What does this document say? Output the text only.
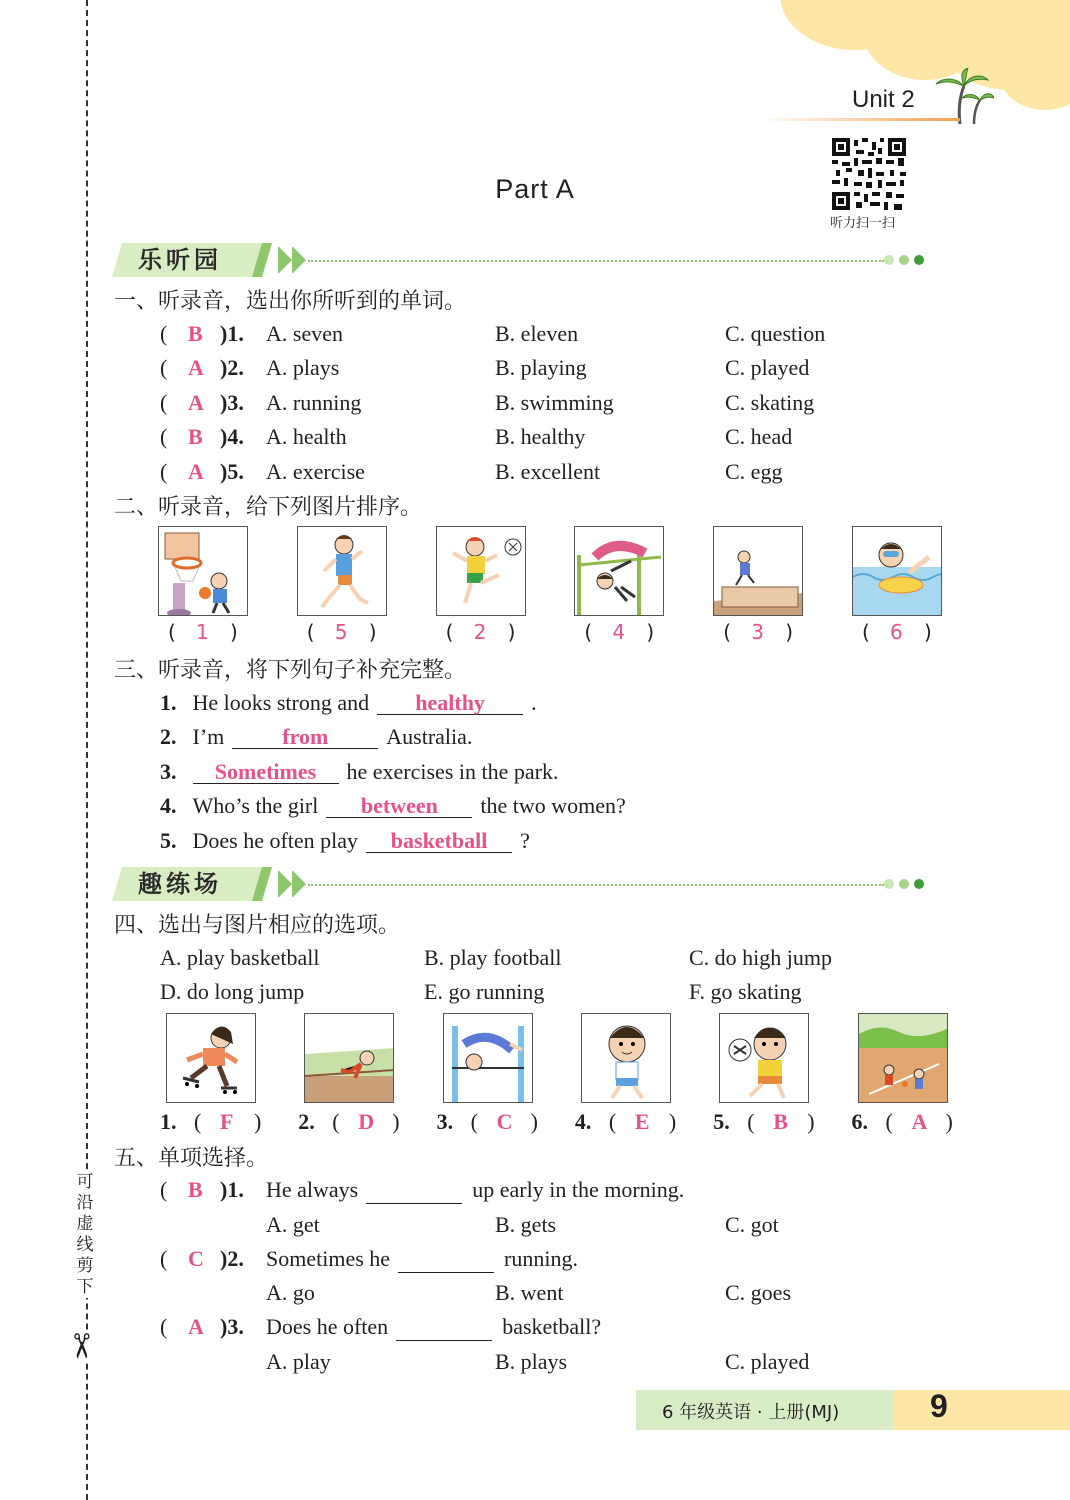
可沿虚线剪下
✂
Unit 2
听力扫一扫
Part A
乐听园
一、听录音，选出你所听到的单词。
( B )1. A. seven	B. eleven	C. question
( A )2. A. plays	B. playing	C. played
( A )3. A. running	B. swimming	C. skating
( B )4. A. health	B. healthy	C. head
( A )5. A. exercise	B. excellent	C. egg
二、听录音，给下列图片排序。
( 1 )	( 5 )	( 2 )	( 4 )	( 3 )	( 6 )
三、听录音，将下列句子补充完整。
1. He looks strong and healthy .
2. I’m	from	Australia.
3. Sometimes he exercises in the park.
4. Who’s the girl between the two women?
5. Does he often play basketball ?
趣练场
四、选出与图片相应的选项。
A. play basketball	B. play football	C. do high jump
D. do long jump	E. go running	F. go skating
1. ( F ) 2. ( D ) 3. ( C ) 4. ( E ) 5. ( B ) 6. ( A )
五、单项选择。
( B )1. He always	up early in the morning.
A. get	B. gets	C. got
( C )2. Sometimes he	running.
A. go	B. went	C. goes
( A )3. Does he often	basketball?
A. play	B. plays	C. played
6 年级英语 · 上册(MJ)	9
